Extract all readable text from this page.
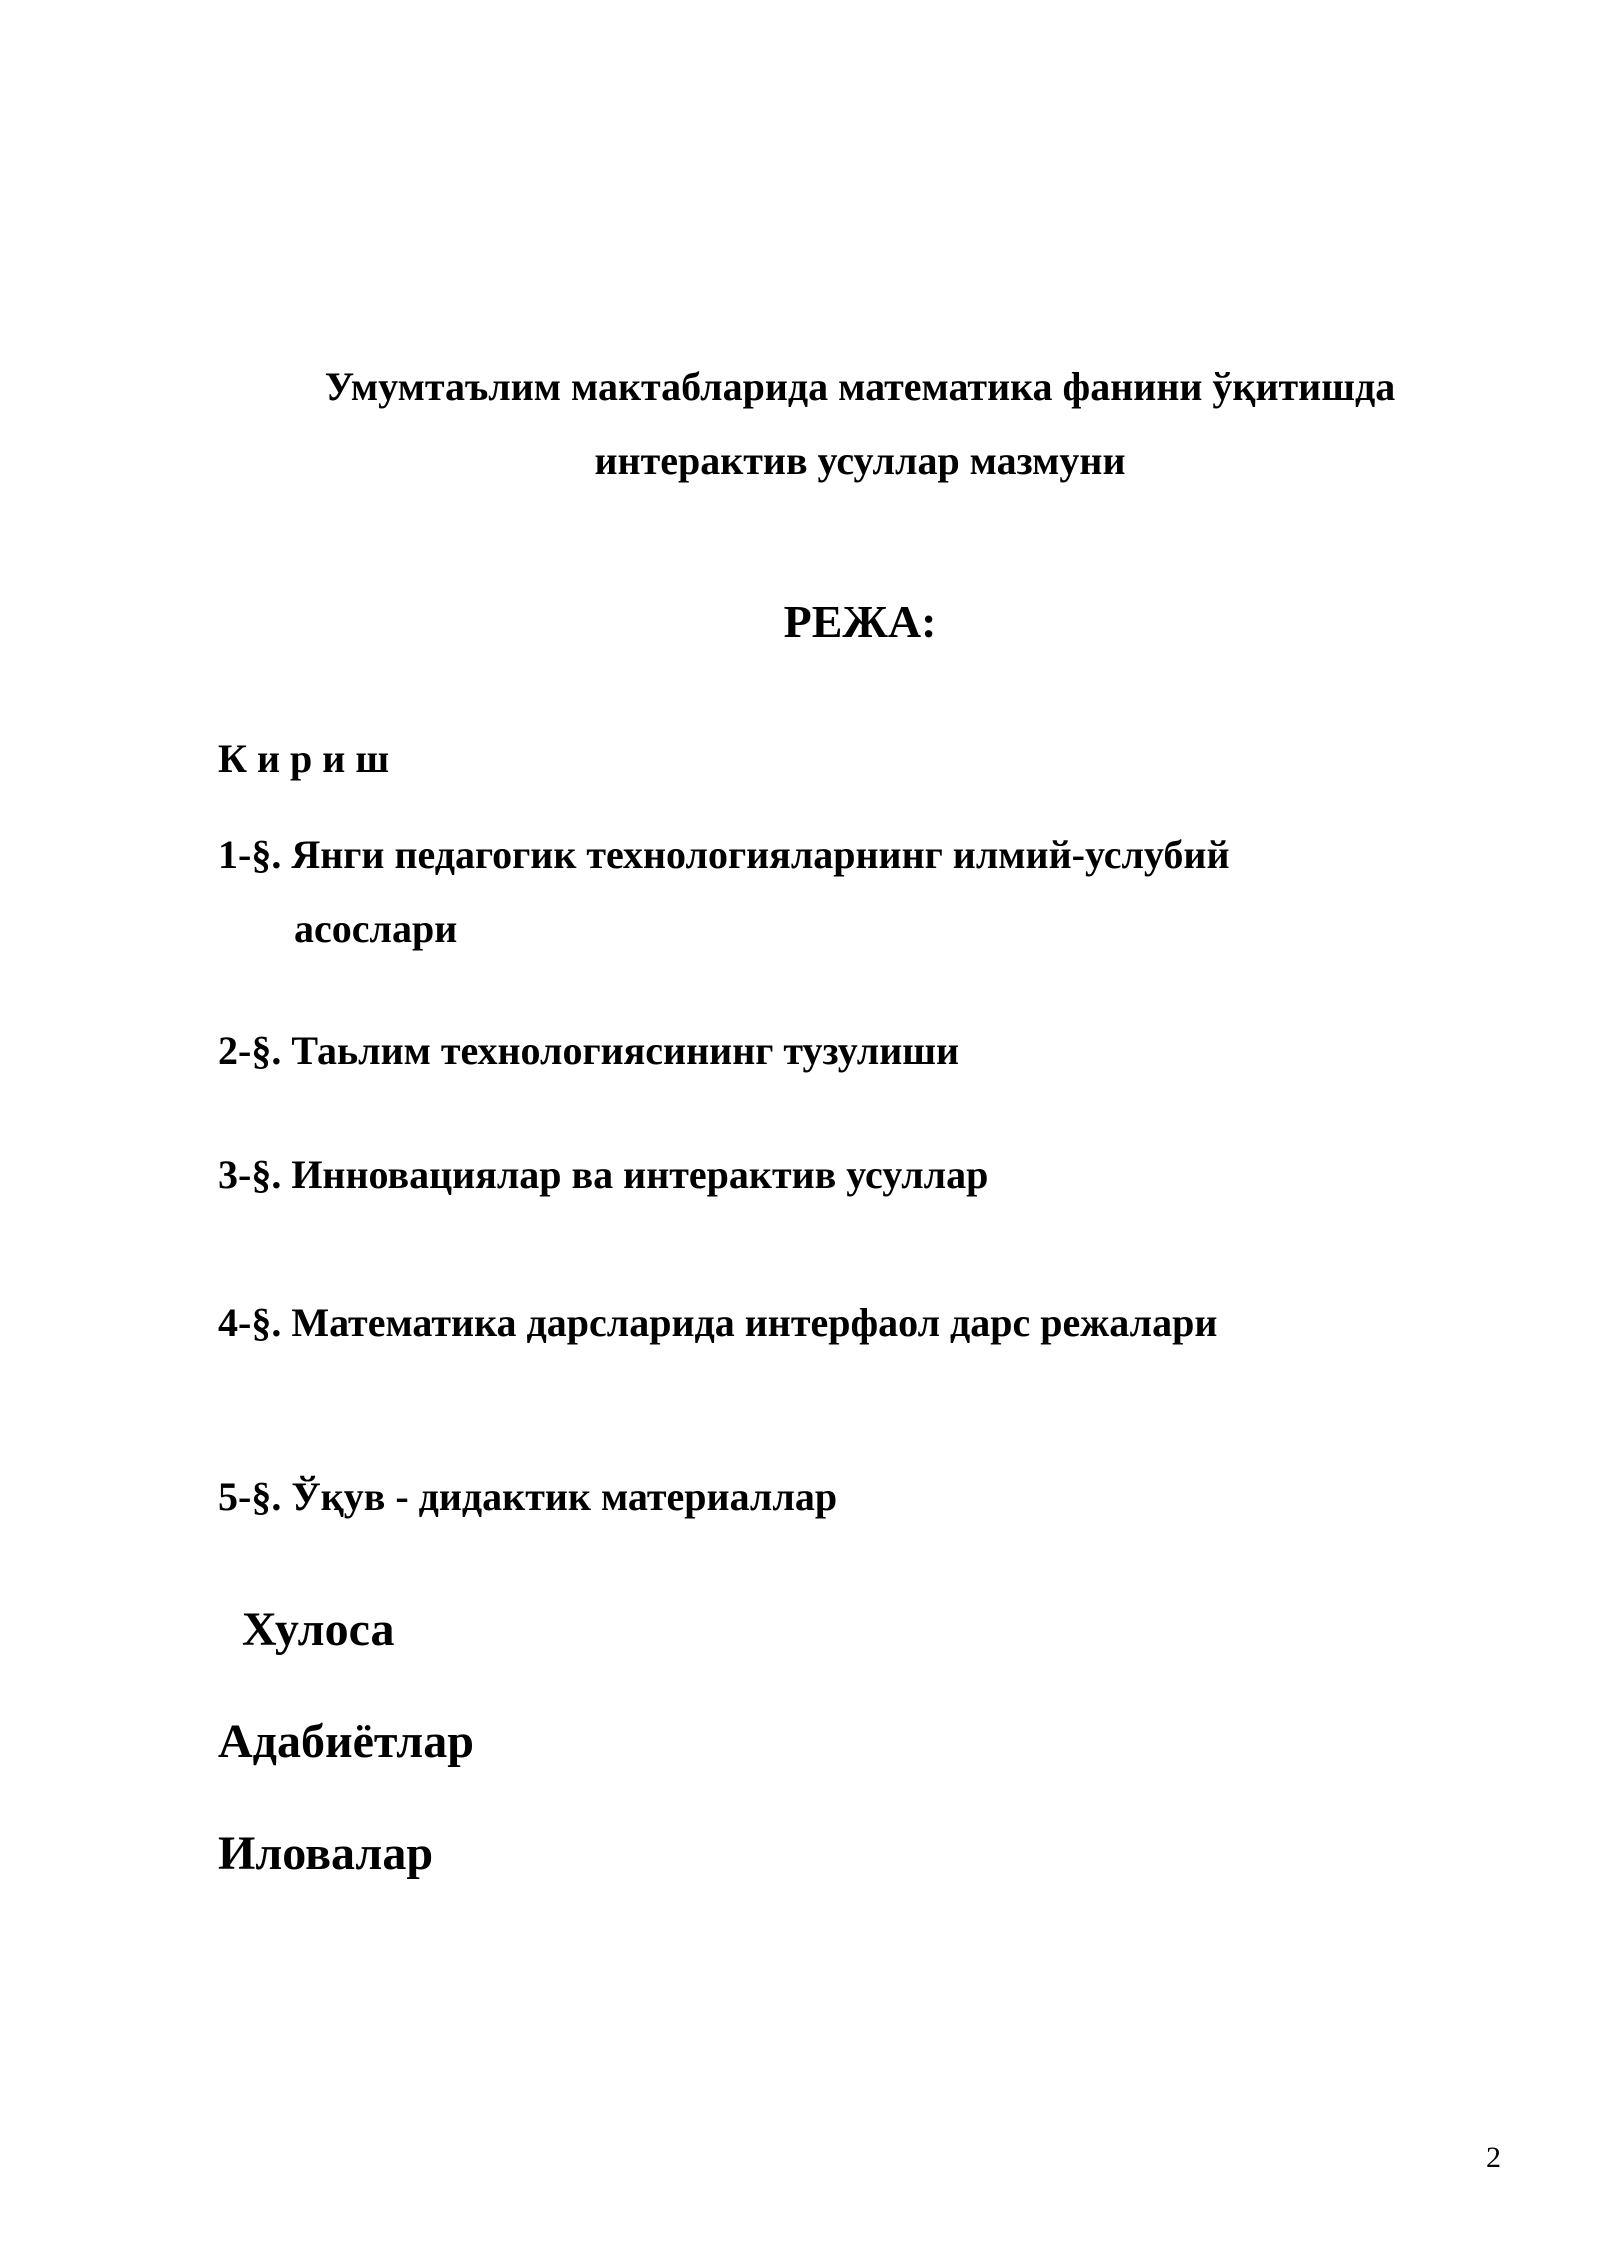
Умумтаълим мактабларида математика фанини ўқитишда
интерактив усуллар мазмуни
РЕЖА:
К и р и ш
1-§. Янги педагогик технологияларнинг илмий-услубий
асослари
2-§. Таьлим технологиясининг тузулиши
3-§. Инновациялар ва интерактив усуллар
4-§. Математика дарсларида интерфаол дарс режалари
5-§. Ўқув - дидактик материаллар
Хулоса
Адабиётлар
Иловалар
2
